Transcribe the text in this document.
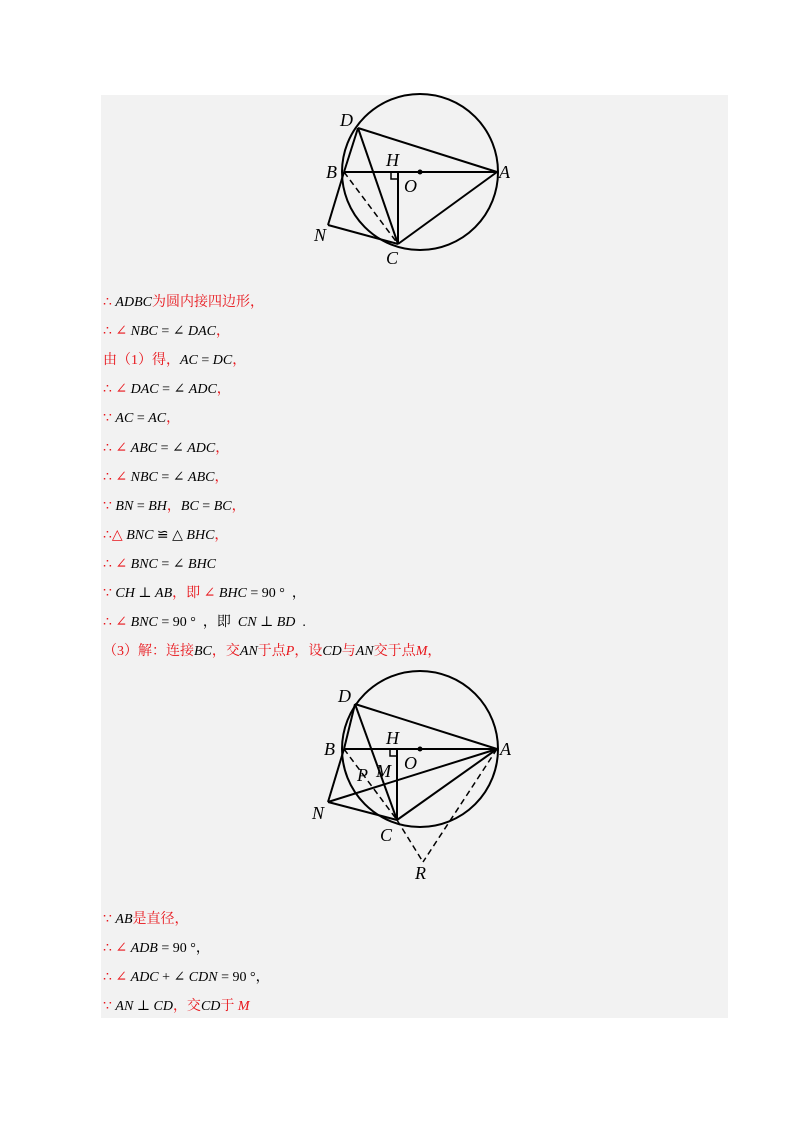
D
B
H
O
A
N
C
∴ ADBC为圆内接四边形，
∴ ∠ NBC = ∠ DAC，
由（1）得，AC = DC，
∴ ∠ DAC = ∠ ADC，
∵ AC = AC，
∴ ∠ ABC = ∠ ADC，
∴ ∠ NBC = ∠ ABC，
∵ BN = BH，BC = BC，
∴△ BNC ≌ △ BHC，
∴ ∠ BNC = ∠ BHC
∵ CH ⊥ AB，即 ∠ BHC = 90 °  ，
∴ ∠ BNC = 90 °  ，即  CN ⊥ BD  .
（3）解：连接BC，交AN于点P，设CD与AN交于点M，
D
B
H
O
A
P M
N
C
R
∵ AB是直径，
∴ ∠ ADB = 90 °，
∴ ∠ ADC + ∠ CDN = 90 °，
∵ AN ⊥ CD，交CD于 M
